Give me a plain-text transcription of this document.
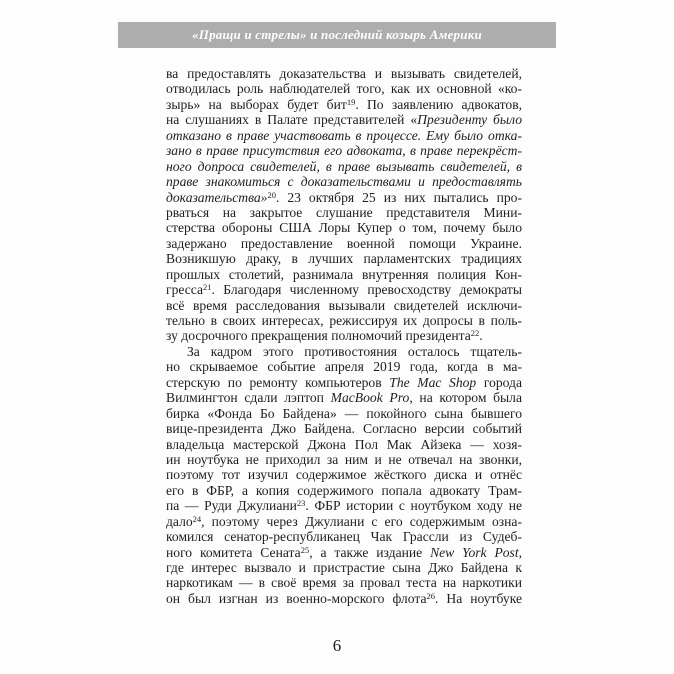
«Пращи и стрелы» и последний козырь Америки
ва предоставлять доказательства и вызывать свидетелей,
отводилась роль наблюдателей того, как их основной «ко-
зырь» на выборах будет бит$^{19}$. По заявлению адвокатов,
на слушаниях в Палате представителей «Президенту было
отказано в праве участвовать в процессе. Ему было отка-
зано в праве присутствия его адвоката, в праве перекрёст-
ного допроса свидетелей, в праве вызывать свидетелей, в
праве знакомиться с доказательствами и предоставлять
доказательства»$^{20}$. 23 октября 25 из них пытались про-
рваться на закрытое слушание представителя Мини-
стерства обороны США Лоры Купер о том, почему было
задержано предоставление военной помощи Украине.
Возникшую драку, в лучших парламентских традициях
прошлых столетий, разнимала внутренняя полиция Кон-
гресса$^{21}$. Благодаря численному превосходству демократы
всё время расследования вызывали свидетелей исключи-
тельно в своих интересах, режиссируя их допросы в поль-
зу досрочного прекращения полномочий президента$^{22}$.
За кадром этого противостояния осталось тщатель-
но скрываемое событие апреля 2019 года, когда в ма-
стерскую по ремонту компьютеров The Mac Shop города
Вилмингтон сдали лэптоп MacBook Pro, на котором была
бирка «Фонда Бо Байдена» — покойного сына бывшего
вице-президента Джо Байдена. Согласно версии событий
владельца мастерской Джона Пол Мак Айзека — хозя-
ин ноутбука не приходил за ним и не отвечал на звонки,
поэтому тот изучил содержимое жёсткого диска и отнёс
его в ФБР, а копия содержимого попала адвокату Трам-
па — Руди Джулиани$^{23}$. ФБР истории с ноутбуком ходу не
дало$^{24}$, поэтому через Джулиани с его содержимым озна-
комился сенатор-республиканец Чак Грассли из Судеб-
ного комитета Сената$^{25}$, а также издание New York Post,
где интерес вызвало и пристрастие сына Джо Байдена к
наркотикам — в своё время за провал теста на наркотики
он был изгнан из военно-морского флота$^{26}$. На ноутбуке
6
